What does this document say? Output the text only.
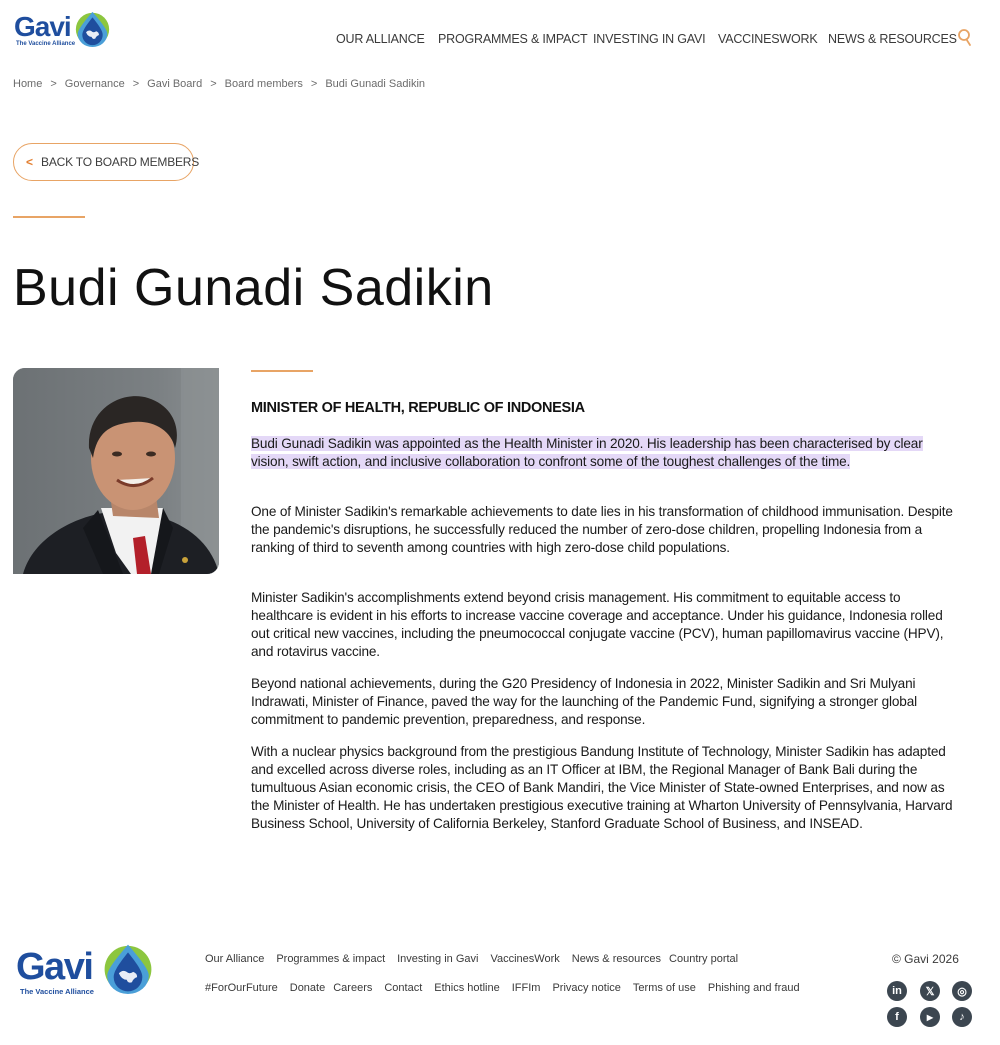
Gavi
The Vaccine Alliance	OUR ALLIANCE PROGRAMMES & IMPACT INVESTING IN GAVI VACCINESWORK NEWS & RESOURCES
Home > Governance > Gavi Board > Board members > Budi Gunadi Sadikin
< BACK TO BOARD MEMBERS
Budi Gunadi Sadikin
MINISTER OF HEALTH, REPUBLIC OF INDONESIA

Budi Gunadi Sadikin was appointed as the Health Minister in 2020. His leadership has been characterised by clear vision, swift action, and inclusive collaboration to confront some of the toughest challenges of the time.

One of Minister Sadikin's remarkable achievements to date lies in his transformation of childhood immunisation. Despite the pandemic's disruptions, he successfully reduced the number of zero-dose children, propelling Indonesia from a ranking of third to seventh among countries with high zero-dose child populations.

Minister Sadikin's accomplishments extend beyond crisis management. His commitment to equitable access to healthcare is evident in his efforts to increase vaccine coverage and acceptance. Under his guidance, Indonesia rolled out critical new vaccines, including the pneumococcal conjugate vaccine (PCV), human papillomavirus vaccine (HPV), and rotavirus vaccine.

Beyond national achievements, during the G20 Presidency of Indonesia in 2022, Minister Sadikin and Sri Mulyani Indrawati, Minister of Finance, paved the way for the launching of the Pandemic Fund, signifying a stronger global commitment to pandemic prevention, preparedness, and response.

With a nuclear physics background from the prestigious Bandung Institute of Technology, Minister Sadikin has adapted and excelled across diverse roles, including as an IT Officer at IBM, the Regional Manager of Bank Bali during the tumultuous Asian economic crisis, the CEO of Bank Mandiri, the Vice Minister of State-owned Enterprises, and now as the Minister of Health. He has undertaken prestigious executive training at Wharton University of Pennsylvania, Harvard Business School, University of California Berkeley, Stanford Graduate School of Business, and INSEAD.

Gavi
The Vaccine Alliance
Our Alliance Programmes & impact Investing in Gavi VaccinesWork News & resources Country portal
#ForOurFuture Donate Careers Contact Ethics hotline IFFIm Privacy notice Terms of use Phishing and fraud
© Gavi 2026
in	𝕏	◎
f	▶	♪
